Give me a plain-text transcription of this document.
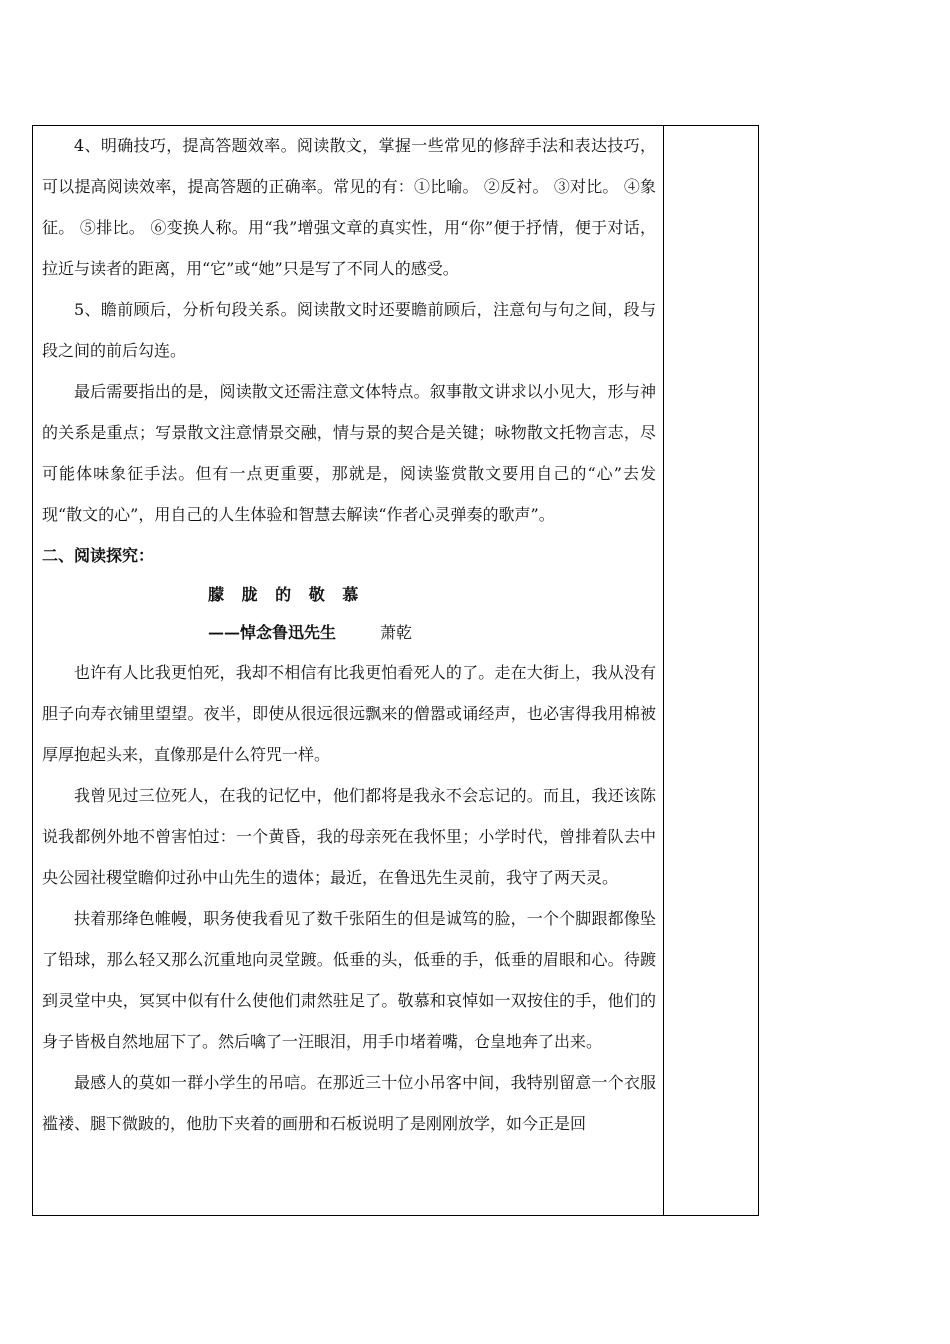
4、明确技巧，提高答题效率。阅读散文，掌握一些常见的修辞手法和表达技巧，可以提高阅读效率，提高答题的正确率。常见的有：①比喻。 ②反衬。 ③对比。 ④象征。 ⑤排比。 ⑥变换人称。用“我”增强文章的真实性，用“你”便于抒情，便于对话，拉近与读者的距离，用“它”或“她”只是写了不同人的感受。

5、瞻前顾后，分析句段关系。阅读散文时还要瞻前顾后，注意句与句之间，段与段之间的前后勾连。

最后需要指出的是，阅读散文还需注意文体特点。叙事散文讲求以小见大，形与神的关系是重点；写景散文注意情景交融，情与景的契合是关键；咏物散文托物言志，尽可能体味象征手法。但有一点更重要，那就是，阅读鉴赏散文要用自己的“心”去发现“散文的心”，用自己的人生体验和智慧去解读“作者心灵弹奏的歌声”。

二、阅读探究：

朦 胧 的 敬 慕

——悼念鲁迅先生	萧乾

也许有人比我更怕死，我却不相信有比我更怕看死人的了。走在大街上，我从没有胆子向寿衣铺里望望。夜半，即使从很远很远飘来的僧嚣或诵经声，也必害得我用棉被厚厚抱起头来，直像那是什么符咒一样。

我曾见过三位死人，在我的记忆中，他们都将是我永不会忘记的。而且，我还该陈说我都例外地不曾害怕过：一个黄昏，我的母亲死在我怀里；小学时代，曾排着队去中央公园社稷堂瞻仰过孙中山先生的遗体；最近，在鲁迅先生灵前，我守了两天灵。

扶着那绛色帷幔，职务使我看见了数千张陌生的但是诚笃的脸，一个个脚跟都像坠了铅球，那么轻又那么沉重地向灵堂踱。低垂的头，低垂的手，低垂的眉眼和心。待踱到灵堂中央，冥冥中似有什么使他们肃然驻足了。敬慕和哀悼如一双按住的手，他们的身子皆极自然地屈下了。然后噙了一汪眼泪，用手巾堵着嘴，仓皇地奔了出来。

最感人的莫如一群小学生的吊唁。在那近三十位小吊客中间，我特别留意一个衣服褴褛、腿下微跛的，他肋下夹着的画册和石板说明了是刚刚放学，如今正是回
